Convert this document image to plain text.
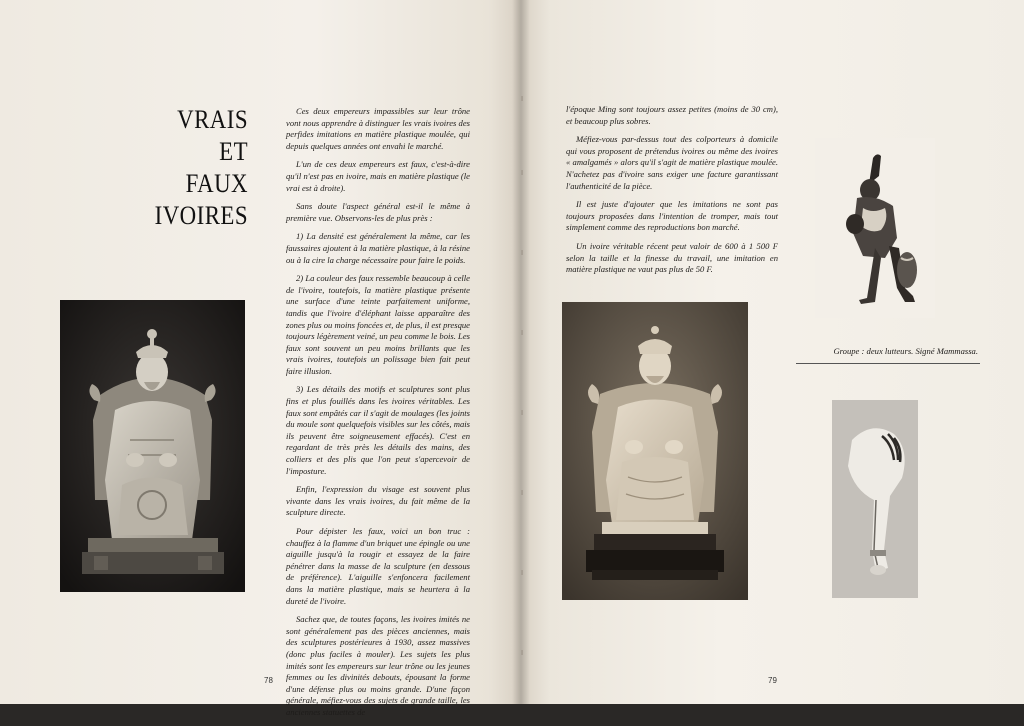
VRAIS
ET
FAUX
IVOIRES

Ces deux empereurs impassibles sur leur trône vont nous apprendre à distinguer les vrais ivoires des perfides imitations en matière plastique moulée, qui depuis quelques années ont envahi le marché.

L'un de ces deux empereurs est faux, c'est-à-dire qu'il n'est pas en ivoire, mais en matière plastique (le vrai est à droite).

Sans doute l'aspect général est-il le même à première vue. Observons-les de plus près :

1) La densité est généralement la même, car les faussaires ajoutent à la matière plastique, à la résine ou à la cire la charge nécessaire pour faire le poids.

2) La couleur des faux ressemble beaucoup à celle de l'ivoire, toutefois, la matière plastique présente une surface d'une teinte parfaitement uniforme, tandis que l'ivoire d'éléphant laisse apparaître des zones plus ou moins foncées et, de plus, il est presque toujours légèrement veiné, un peu comme le bois. Les faux sont souvent un peu moins brillants que les vrais ivoires, toutefois un polissage bien fait peut faire illusion.

3) Les détails des motifs et sculptures sont plus fins et plus fouillés dans les ivoires véritables. Les faux sont empâtés car il s'agit de moulages (les joints du moule sont quelquefois visibles sur les côtés, mais ils peuvent être soigneusement effacés). C'est en regardant de très près les détails des mains, des colliers et des plis que l'on peut s'apercevoir de l'imposture.

Enfin, l'expression du visage est souvent plus vivante dans les vrais ivoires, du fait même de la sculpture directe.

Pour dépister les faux, voici un bon truc : chauffez à la flamme d'un briquet une épingle ou une aiguille jusqu'à la rougir et essayez de la faire pénétrer dans la masse de la sculpture (en dessous de préférence). L'aiguille s'enfoncera facilement dans la matière plastique, mais se heurtera à la dureté de l'ivoire.

Sachez que, de toutes façons, les ivoires imités ne sont généralement pas des pièces anciennes, mais des sculptures postérieures à 1930, assez massives (donc plus faciles à mouler). Les sujets les plus imités sont les empereurs sur leur trône ou les jeunes femmes ou les divinités debouts, épousant la forme d'une défense plus ou moins grande. D'une façon générale, méfiez-vous des sujets de grande taille, les anciennes statuettes de

78

l'époque Ming sont toujours assez petites (moins de 30 cm), et beaucoup plus sobres.

Méfiez-vous par-dessus tout des colporteurs à domicile qui vous proposent de prétendus ivoires ou même des ivoires « amalgamés » alors qu'il s'agit de matière plastique moulée. N'achetez pas d'ivoire sans exiger une facture garantissant l'authenticité de la pièce.

Il est juste d'ajouter que les imitations ne sont pas toujours proposées dans l'intention de tromper, mais tout simplement comme des reproductions bon marché.

Un ivoire véritable récent peut valoir de 600 à 1 500 F selon la taille et la finesse du travail, une imitation en matière plastique ne vaut pas plus de 50 F.

Groupe : deux lutteurs. Signé Mammassa.
79
